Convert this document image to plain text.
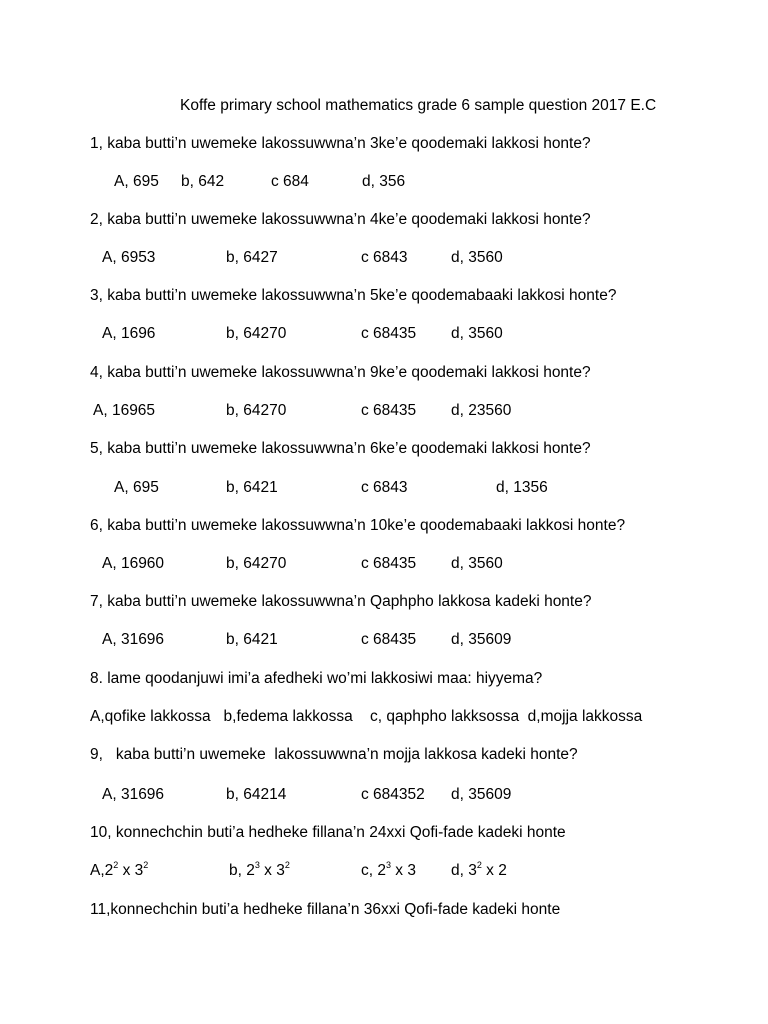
Koffe primary school mathematics grade 6 sample question 2017 E.C
1, kaba butti’n uwemeke lakossuwwna’n 3ke’e qoodemaki lakkosi honte?
A, 695 b, 642	c 684	d, 356
2, kaba butti’n uwemeke lakossuwwna’n 4ke’e qoodemaki lakkosi honte?
A, 6953	b, 6427	c 6843	d, 3560
3, kaba butti’n uwemeke lakossuwwna’n 5ke’e qoodemabaaki lakkosi honte?
A, 1696	b, 64270	c 68435 d, 3560
4, kaba butti’n uwemeke lakossuwwna’n 9ke’e qoodemaki lakkosi honte?
A, 16965	b, 64270	c 68435 d, 23560
5, kaba butti’n uwemeke lakossuwwna’n 6ke’e qoodemaki lakkosi honte?
A, 695	b, 6421	c 6843	d, 1356
6, kaba butti’n uwemeke lakossuwwna’n 10ke’e qoodemabaaki lakkosi honte?
A, 16960	b, 64270	c 68435 d, 3560
7, kaba butti’n uwemeke lakossuwwna’n Qaphpho lakkosa kadeki honte?
A, 31696	b, 6421	c 68435 d, 35609
8. lame qoodanjuwi imi’a afedheki wo’mi lakkosiwi maa: hiyyema?
A,qofike lakkossa   b,fedema lakkossa    c, qaphpho lakksossa  d,mojja lakkossa
9,   kaba butti’n uwemeke  lakossuwwna’n mojja lakkosa kadeki honte?
A, 31696	b, 64214	c 684352 d, 35609
10, konnechchin buti’a hedheke fillana’n 24xxi Qofi-fade kadeki honte
$A,2^2$ x $3^2$	b, $2^3$ x $3^2$	c, $2^3$ x 3 d, $3^2$ x 2
11,konnechchin buti’a hedheke fillana’n 36xxi Qofi-fade kadeki honte
